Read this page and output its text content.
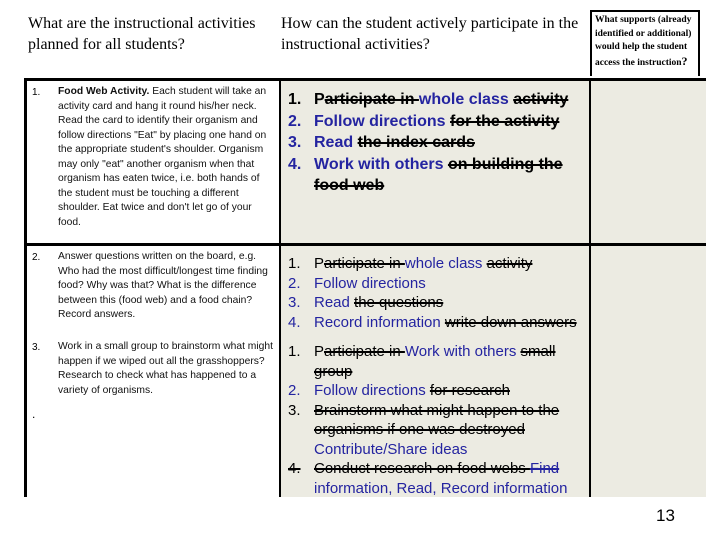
What are the instructional activities planned for all students?
How can the student actively participate in the instructional activities?
What supports (already identified or additional) would help the student access the instruction?
1. Food Web Activity. Each student will take an activity card and hang it round his/her neck. Read the card to identify their organism and follow directions "Eat" by placing one hand on the appropriate student's shoulder. Organism may only "eat" another organism when that organism has eaten twice, i.e. both hands of the student must be touching a different shoulder. Eat twice and don't let go of your food.
1. Participate in whole class activity
2. Follow directions for the activity
3. Read the index cards
4. Work with others on building the food web
2. Answer questions written on the board, e.g. Who had the most difficult/longest time finding food? Why was that? What is the difference between this (food web) and a food chain? Record answers.
1. Participate in whole class activity
2. Follow directions
3. Read the questions
4. Record information write down answers
3. Work in a small group to brainstorm what might happen if we wiped out all the grasshoppers? Research to check what has happened to a variety of organisms.
.
1. Participate in Work with others small group
2. Follow directions for research
3. Brainstorm what might happen to the organisms if one was destroyed Contribute/Share ideas
4. Conduct research on food webs Find information, Read, Record information
13
